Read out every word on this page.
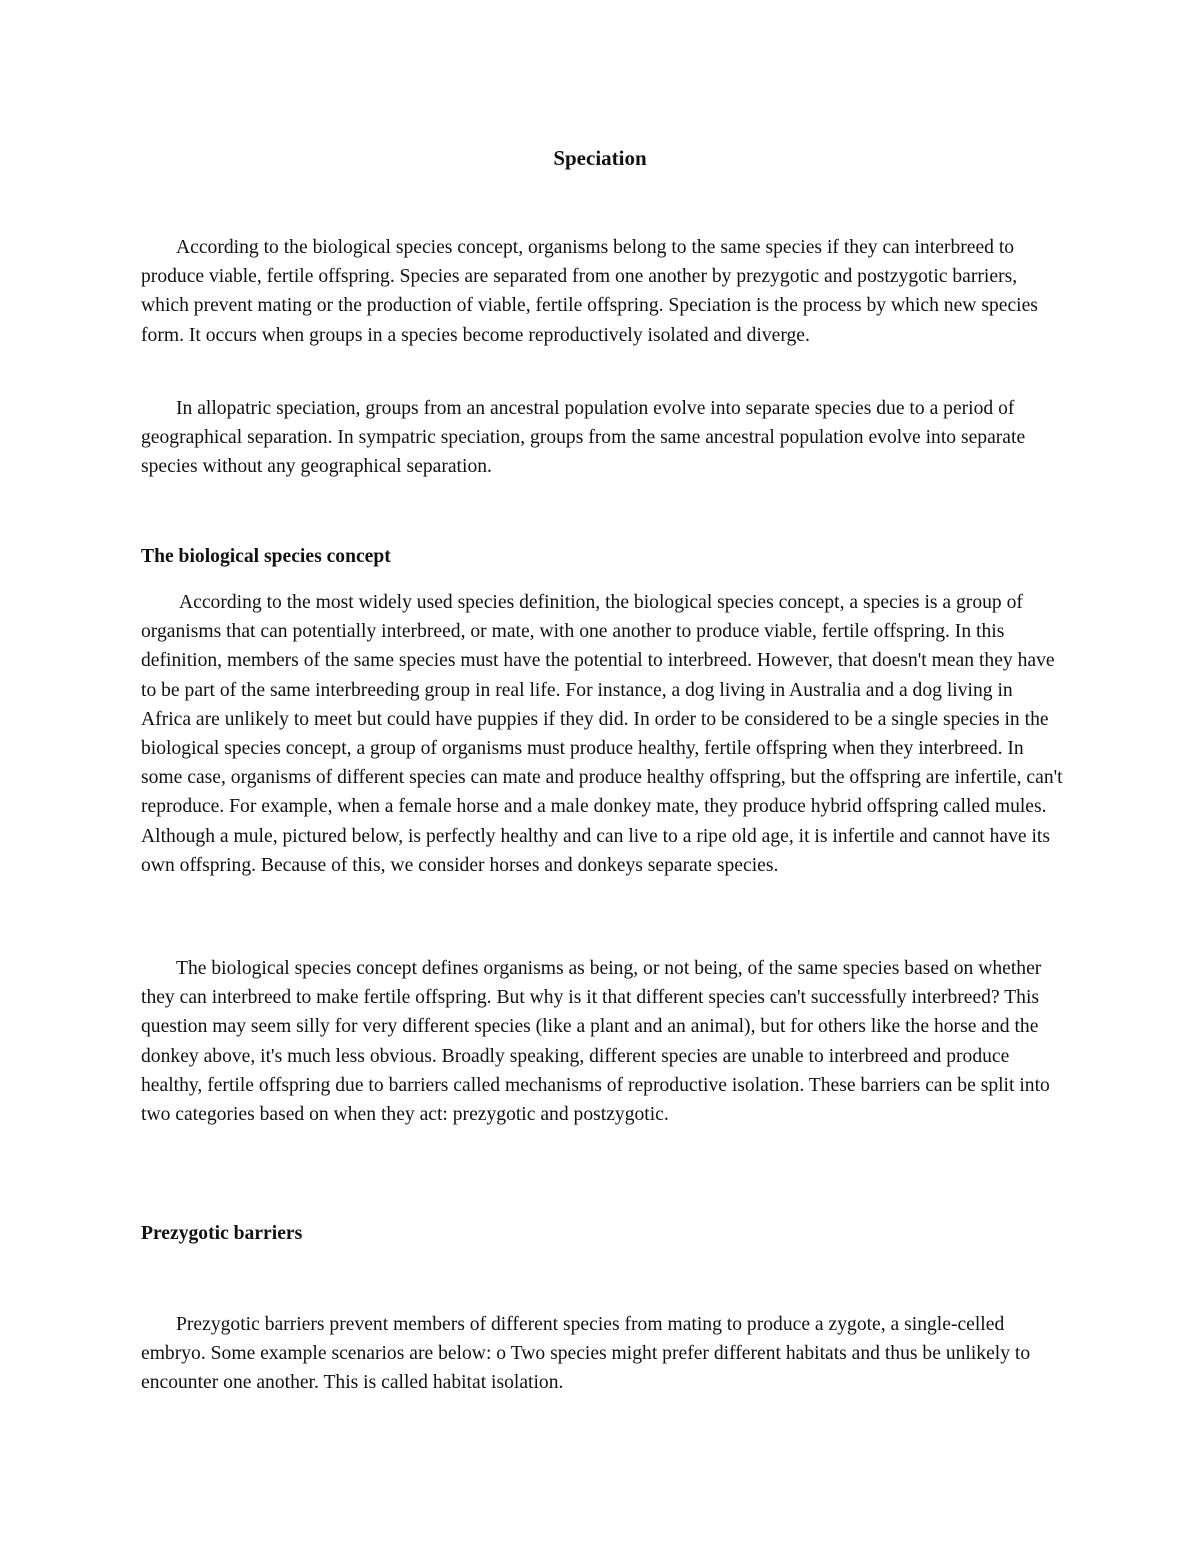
Speciation

According to the biological species concept, organisms belong to the same species if they can interbreed to produce viable, fertile offspring. Species are separated from one another by prezygotic and postzygotic barriers, which prevent mating or the production of viable, fertile offspring. Speciation is the process by which new species form. It occurs when groups in a species become reproductively isolated and diverge.

In allopatric speciation, groups from an ancestral population evolve into separate species due to a period of geographical separation. In sympatric speciation, groups from the same ancestral population evolve into separate species without any geographical separation.

The biological species concept

According to the most widely used species definition, the biological species concept, a species is a group of organisms that can potentially interbreed, or mate, with one another to produce viable, fertile offspring. In this definition, members of the same species must have the potential to interbreed. However, that doesn't mean they have to be part of the same interbreeding group in real life. For instance, a dog living in Australia and a dog living in Africa are unlikely to meet but could have puppies if they did. In order to be considered to be a single species in the biological species concept, a group of organisms must produce healthy, fertile offspring when they interbreed. In some case, organisms of different species can mate and produce healthy offspring, but the offspring are infertile, can't reproduce. For example, when a female horse and a male donkey mate, they produce hybrid offspring called mules. Although a mule, pictured below, is perfectly healthy and can live to a ripe old age, it is infertile and cannot have its own offspring. Because of this, we consider horses and donkeys separate species.

The biological species concept defines organisms as being, or not being, of the same species based on whether they can interbreed to make fertile offspring. But why is it that different species can't successfully interbreed? This question may seem silly for very different species (like a plant and an animal), but for others like the horse and the donkey above, it's much less obvious. Broadly speaking, different species are unable to interbreed and produce healthy, fertile offspring due to barriers called mechanisms of reproductive isolation. These barriers can be split into two categories based on when they act: prezygotic and postzygotic.

Prezygotic barriers

Prezygotic barriers prevent members of different species from mating to produce a zygote, a single-celled embryo. Some example scenarios are below: o Two species might prefer different habitats and thus be unlikely to encounter one another. This is called habitat isolation.
